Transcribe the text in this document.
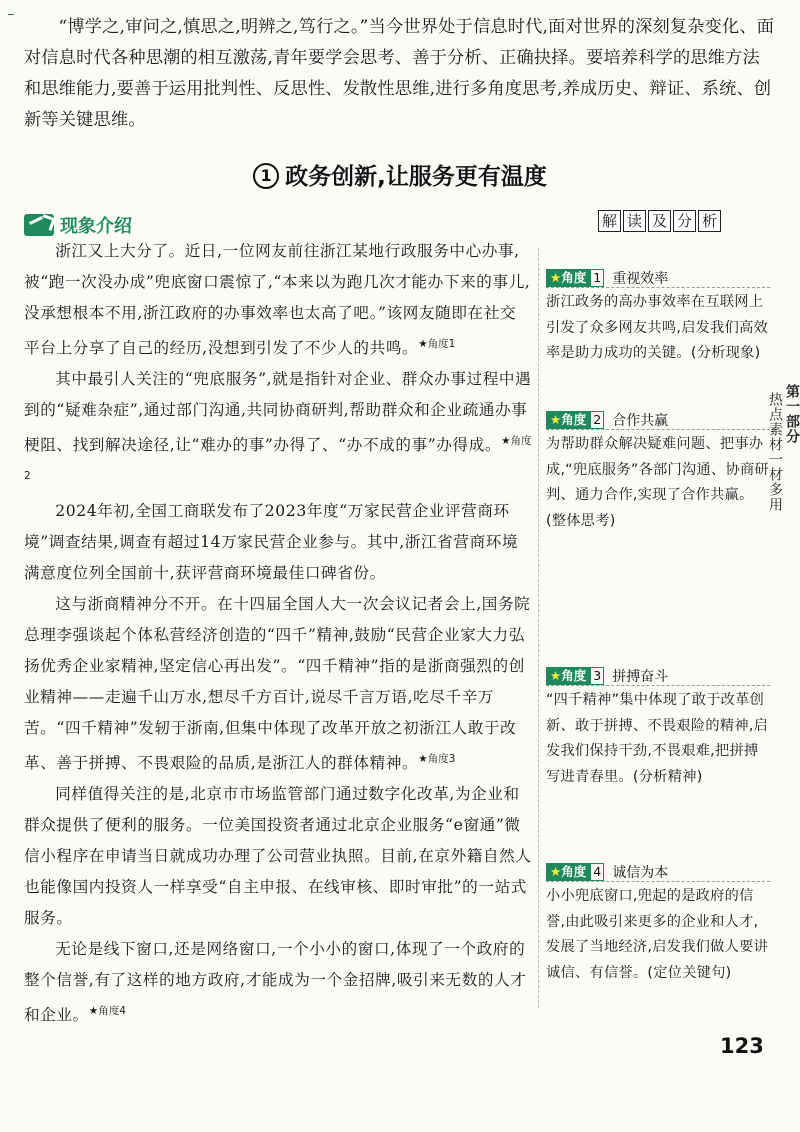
“博学之,审问之,慎思之,明辨之,笃行之。”当今世界处于信息时代,面对世界的深刻复杂变化、面对信息时代各种思潮的相互激荡,青年要学会思考、善于分析、正确抉择。要培养科学的思维方法和思维能力,要善于运用批判性、反思性、发散性思维,进行多角度思考,养成历史、辩证、系统、创新等关键思维。

1 政务创新,让服务更有温度
现象介绍	解 读 及 分 析

浙江又上大分了。近日,一位网友前往浙江某地行政服务中心办事,被“跑一次没办成”兜底窗口震惊了,“本来以为跑几次才能办下来的事儿,没承想根本不用,浙江政府的办事效率也太高了吧。”该网友随即在社交平台上分享了自己的经历,没想到引发了不少人的共鸣。$^{★角度1}$

其中最引人关注的“兜底服务”,就是指针对企业、群众办事过程中遇到的“疑难杂症”,通过部门沟通,共同协商研判,帮助群众和企业疏通办事梗阻、找到解决途径,让“难办的事”办得了、“办不成的事”办得成。$^{★角度2}$

2024年初,全国工商联发布了2023年度“万家民营企业评营商环境”调查结果,调查有超过14万家民营企业参与。其中,浙江省营商环境满意度位列全国前十,获评营商环境最佳口碑省份。

这与浙商精神分不开。在十四届全国人大一次会议记者会上,国务院总理李强谈起个体私营经济创造的“四千”精神,鼓励“民营企业家大力弘扬优秀企业家精神,坚定信心再出发”。“四千精神”指的是浙商强烈的创业精神——走遍千山万水,想尽千方百计,说尽千言万语,吃尽千辛万苦。“四千精神”发轫于浙南,但集中体现了改革开放之初浙江人敢于改革、善于拼搏、不畏艰险的品质,是浙江人的群体精神。$^{★角度3}$

同样值得关注的是,北京市市场监管部门通过数字化改革,为企业和群众提供了便利的服务。一位美国投资者通过北京企业服务“e窗通”微信小程序在申请当日就成功办理了公司营业执照。目前,在京外籍自然人也能像国内投资人一样享受“自主申报、在线审核、即时审批”的一站式服务。

无论是线下窗口,还是网络窗口,一个小小的窗口,体现了一个政府的整个信誉,有了这样的地方政府,才能成为一个金招牌,吸引来无数的人才和企业。$^{★角度4}$

★角度 1 重视效率
浙江政务的高办事效率在互联网上引发了众多网友共鸣,启发我们高效率是助力成功的关键。(分析现象)
★角度 2 合作共赢
为帮助群众解决疑难问题、把事办成,“兜底服务”各部门沟通、协商研判、通力合作,实现了合作共赢。(整体思考)
★角度 3 拼搏奋斗
“四千精神”集中体现了敢于改革创新、敢于拼搏、不畏艰险的精神,启发我们保持干劲,不畏艰难,把拼搏写进青春里。(分析精神)
★角度 4 诚信为本
小小兜底窗口,兜起的是政府的信誉,由此吸引来更多的企业和人才,发展了当地经济,启发我们做人要讲诚信、有信誉。(定位关键句)
第一部分
热点素材一材多用
123
